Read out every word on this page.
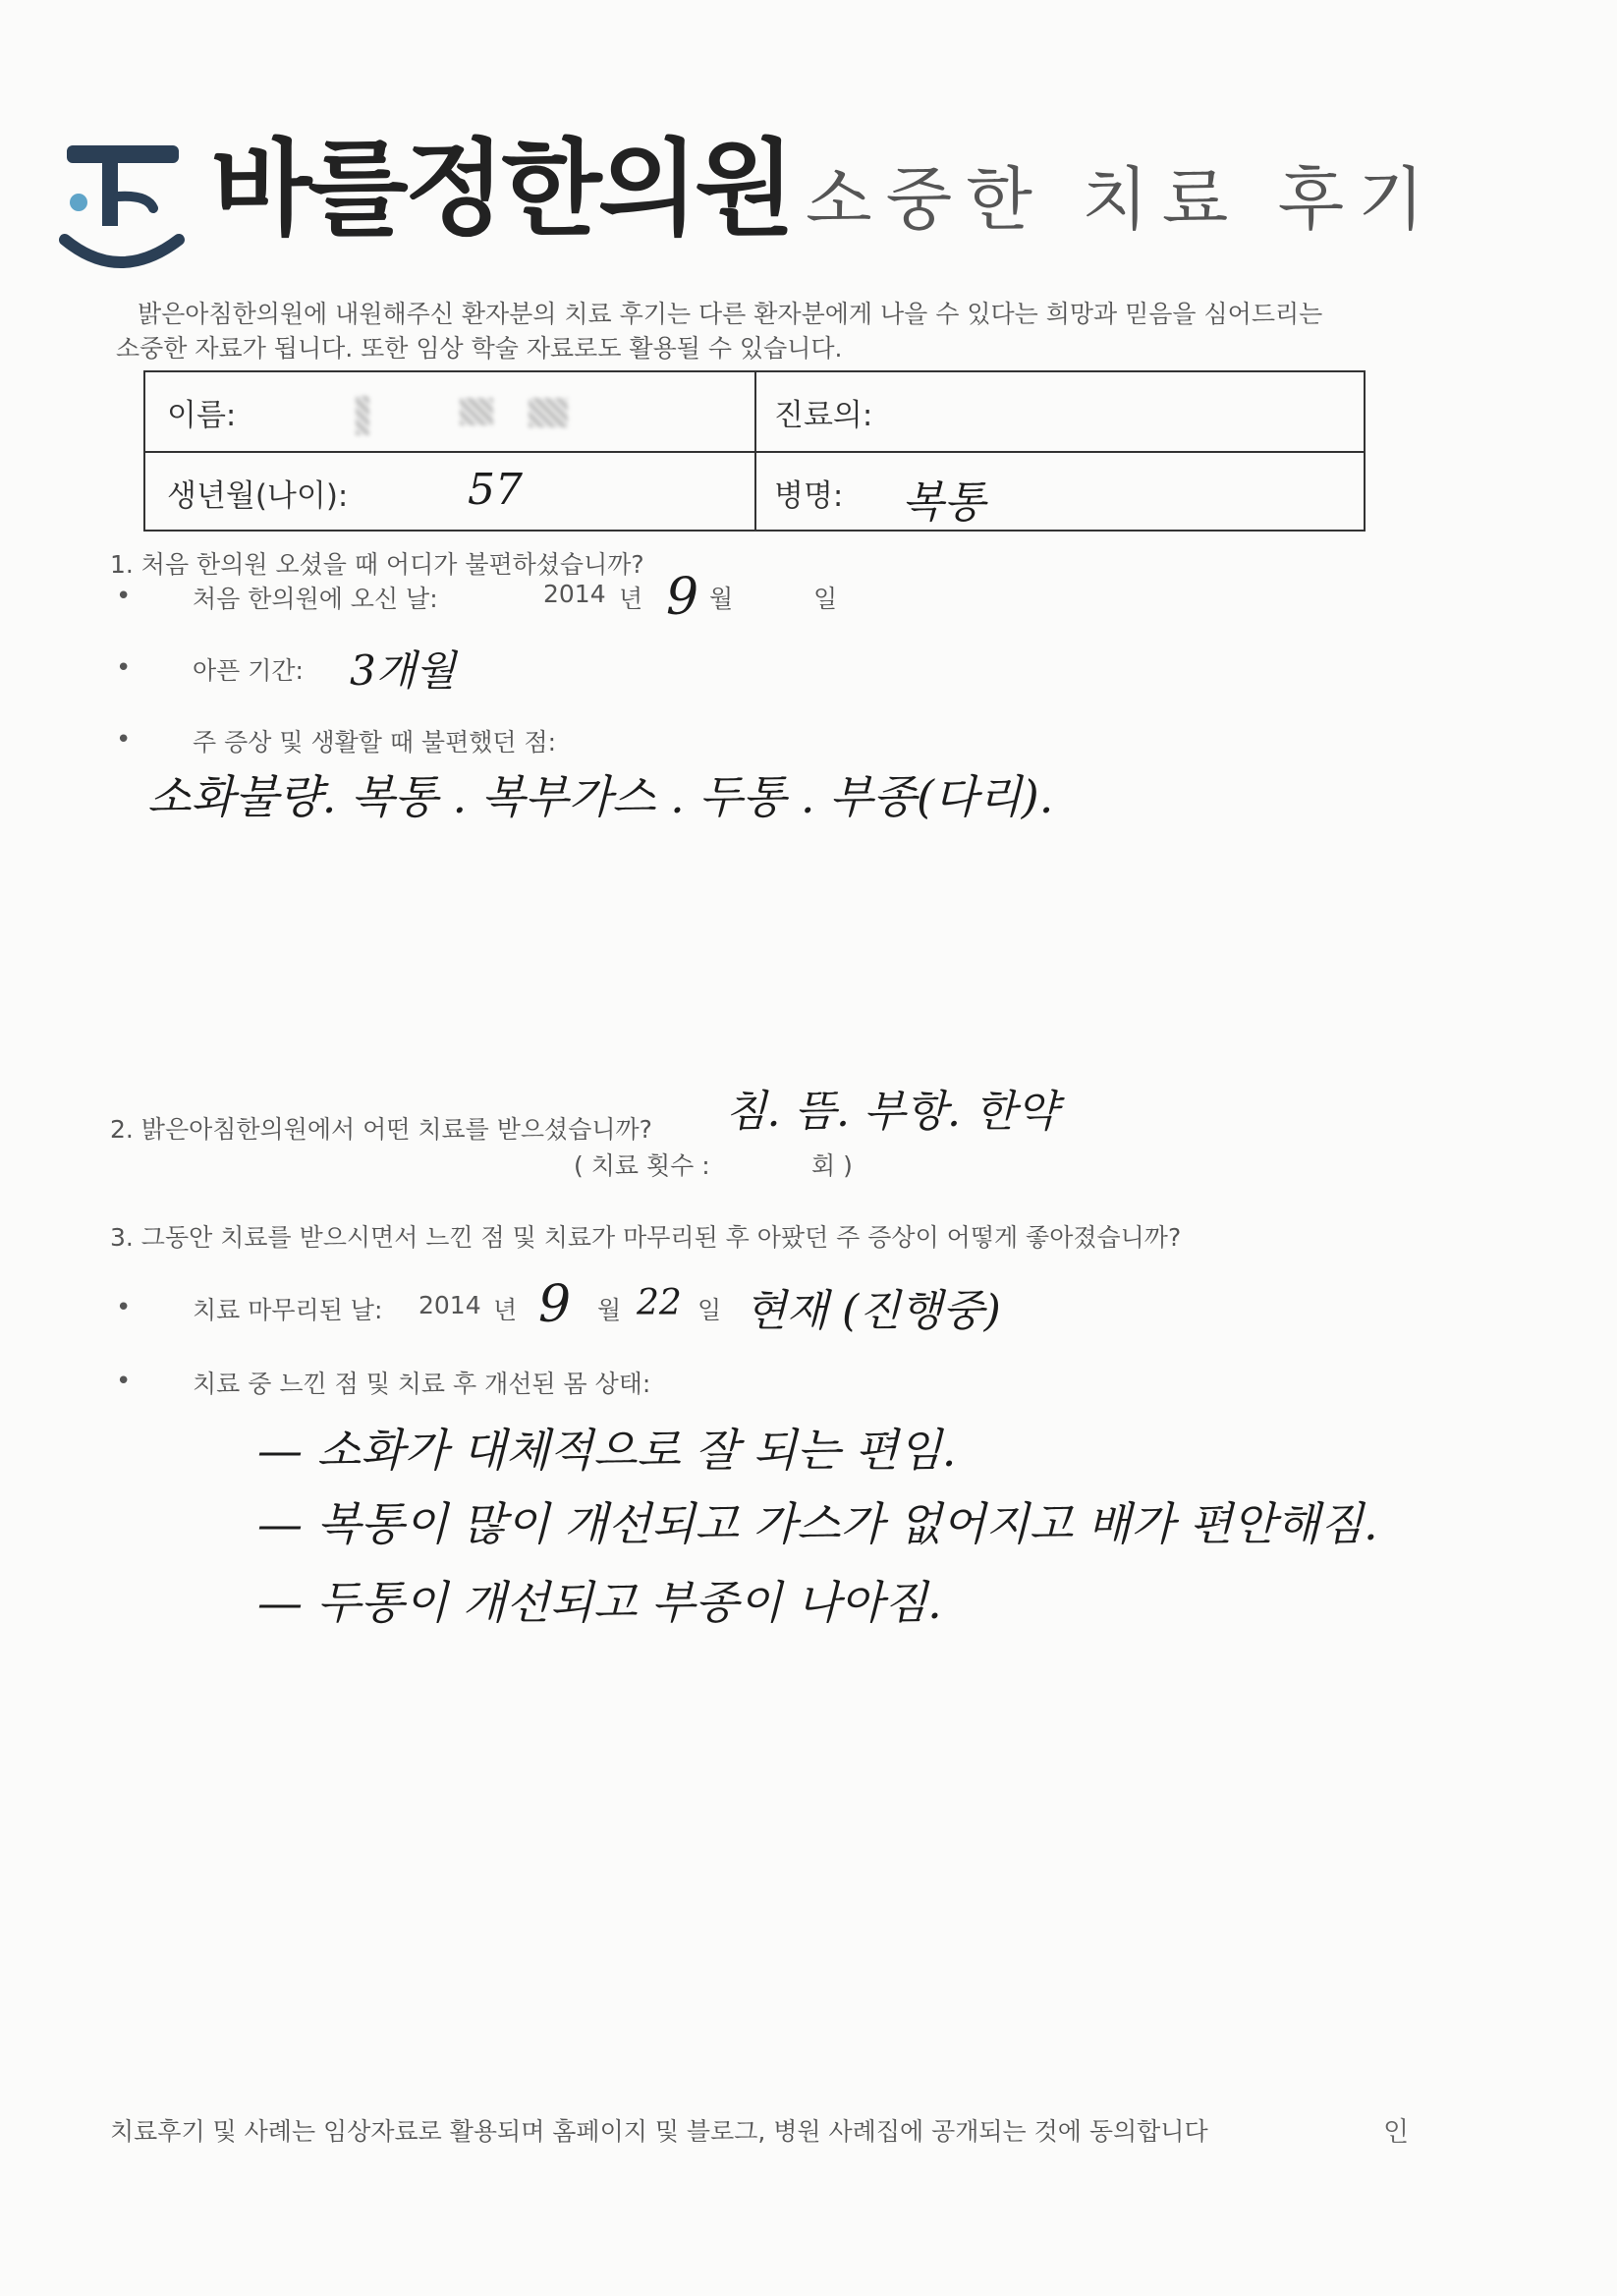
바를정한의원 소중한 치료 후기
밝은아침한의원에 내원해주신 환자분의 치료 후기는 다른 환자분에게 나을 수 있다는 희망과 믿음을 심어드리는
소중한 자료가 됩니다. 또한 임상 학술 자료로도 활용될 수 있습니다.
이름:	진료의:
생년월(나이):	57	병명: 복통
1. 처음 한의원 오셨을 때 어디가 불편하셨습니까?
•	처음 한의원에 오신 날:	2014 년 9 월	일
•	아픈 기간: 3개월
•	주 증상 및 생활할 때 불편했던 점:
소화불량. 복통 . 복부가스 . 두통 . 부종(다리).
2. 밝은아침한의원에서 어떤 치료를 받으셨습니까? 침. 뜸. 부항. 한약
( 치료 횟수 :	회 )
3. 그동안 치료를 받으시면서 느낀 점 및 치료가 마무리된 후 아팠던 주 증상이 어떻게 좋아졌습니까?
•	치료 마무리된 날: 2014 년 9 월 22 일 현재 (진행중)
•	치료 중 느낀 점 및 치료 후 개선된 몸 상태:
— 소화가 대체적으로 잘 되는 편임.
— 복통이 많이 개선되고 가스가 없어지고 배가 편안해짐.
— 두통이 개선되고 부종이 나아짐.
치료후기 및 사례는 임상자료로 활용되며 홈페이지 및 블로그, 병원 사례집에 공개되는 것에 동의합니다	인
